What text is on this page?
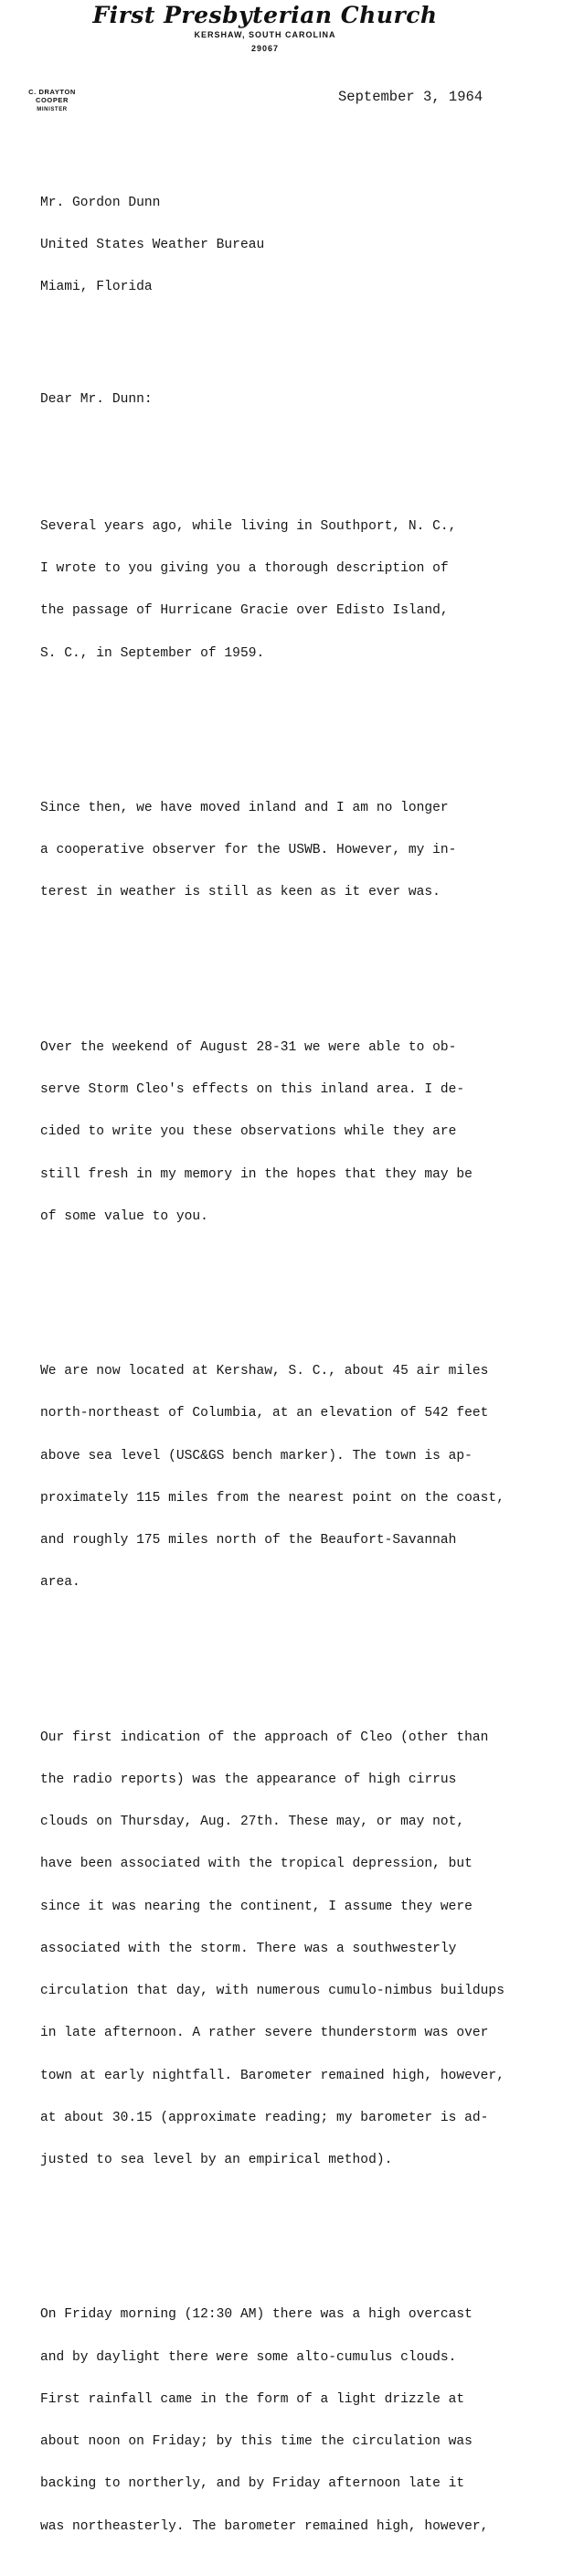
First Presbyterian Church
KERSHAW, SOUTH CAROLINA
29067
C. DRAYTON COOPER
MINISTER
September 3, 1964

Mr. Gordon Dunn

United States Weather Bureau

Miami, Florida

Dear Mr. Dunn:

Several years ago, while living in Southport, N. C.,

I wrote to you giving you a thorough description of

the passage of Hurricane Gracie over Edisto Island,

S. C., in September of 1959.

Since then, we have moved inland and I am no longer

a cooperative observer for the USWB. However, my in-

terest in weather is still as keen as it ever was.

Over the weekend of August 28-31 we were able to ob-

serve Storm Cleo's effects on this inland area. I de-

cided to write you these observations while they are

still fresh in my memory in the hopes that they may be

of some value to you.

We are now located at Kershaw, S. C., about 45 air miles

north-northeast of Columbia, at an elevation of 542 feet

above sea level (USC&GS bench marker). The town is ap-

proximately 115 miles from the nearest point on the coast,

and roughly 175 miles north of the Beaufort-Savannah

area.

Our first indication of the approach of Cleo (other than

the radio reports) was the appearance of high cirrus

clouds on Thursday, Aug. 27th. These may, or may not,

have been associated with the tropical depression, but

since it was nearing the continent, I assume they were

associated with the storm. There was a southwesterly

circulation that day, with numerous cumulo-nimbus buildups

in late afternoon. A rather severe thunderstorm was over

town at early nightfall. Barometer remained high, however,

at about 30.15 (approximate reading; my barometer is ad-

justed to sea level by an empirical method).

On Friday morning (12:30 AM) there was a high overcast

and by daylight there were some alto-cumulus clouds.

First rainfall came in the form of a light drizzle at

about noon on Friday; by this time the circulation was

backing to northerly, and by Friday afternoon late it

was northeasterly. The barometer remained high, however,
